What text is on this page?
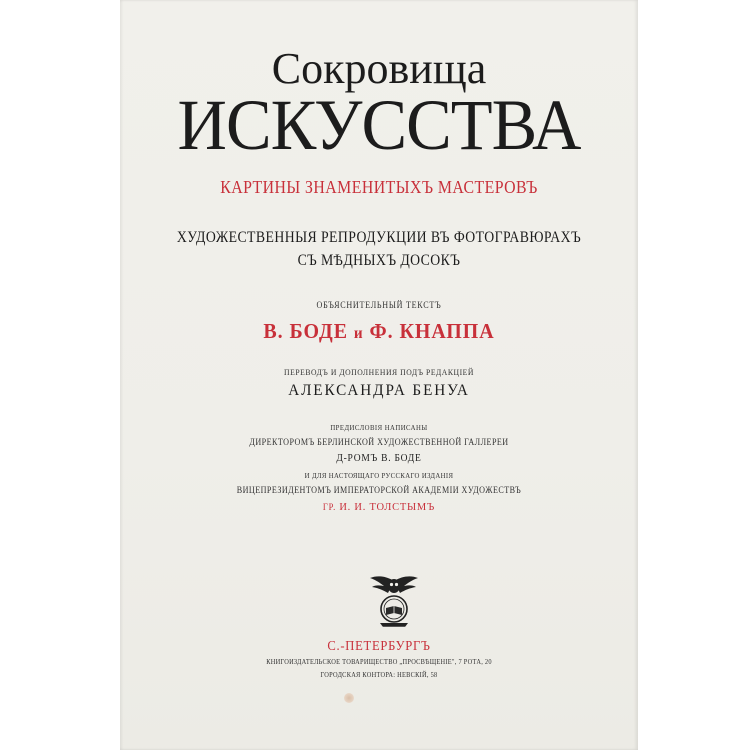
Сокровища
ИСКУССТВА
КАРТИНЫ ЗНАМЕНИТЫХЪ МАСТЕРОВЪ
ХУДОЖЕСТВЕННЫЯ РЕПРОДУКЦИИ ВЪ ФОТОГРАВЮРАХЪ
СЪ МѢДНЫХЪ ДОСОКЪ
ОБЪЯСНИТЕЛЬНЫЙ ТЕКСТЪ
В. БОДЕ и Ф. КНАППА
ПЕРЕВОДЪ И ДОПОЛНЕНИЯ ПОДЪ РЕДАКЦІЕЙ
АЛЕКСАНДРА БЕНУА
ПРЕДИСЛОВІЯ НАПИСАНЫ
ДИРЕКТОРОМЪ БЕРЛИНСКОЙ ХУДОЖЕСТВЕННОЙ ГАЛЛЕРЕИ
Д-РОМЪ В. БОДЕ
И ДЛЯ НАСТОЯЩАГО РУССКАГО ИЗДАНІЯ
ВИЦЕПРЕЗИДЕНТОМЪ ИМПЕРАТОРСКОЙ АКАДЕМІИ ХУДОЖЕСТВЪ
ГР. И. И. ТОЛСТЫМЪ
С.-ПЕТЕРБУРГЪ
КНИГОИЗДАТЕЛЬСКОЕ ТОВАРИЩЕСТВО „ПРОСВѢЩЕНІЕ", 7 РОТА, 20
ГОРОДСКАЯ КОНТОРА: НЕВСКІЙ, 58
